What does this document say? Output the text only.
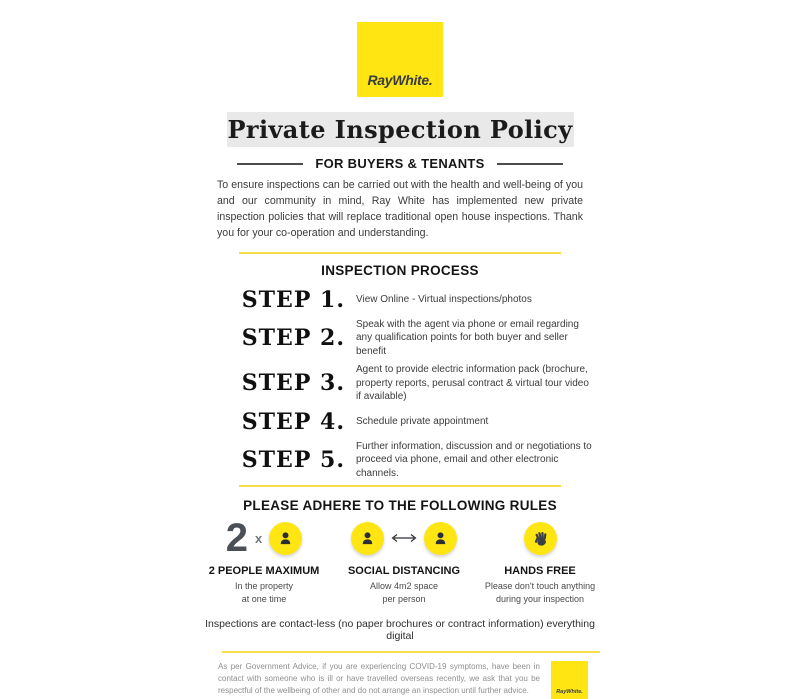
RayWhite.
Private Inspection Policy
FOR BUYERS & TENANTS

To ensure inspections can be carried out with the health and well-being of you and our community in mind, Ray White has implemented new private inspection policies that will replace traditional open house inspections. Thank you for your co-operation and understanding.

INSPECTION PROCESS
STEP 1. View Online - Virtual inspections/photos
STEP 2.
Speak with the agent via phone or email regarding any qualification points for both buyer and seller benefit
STEP 3.
Agent to provide electric information pack (brochure, property reports, perusal contract & virtual tour video if available)
STEP 4. Schedule private appointment
STEP 5.
Further information, discussion and or negotiations to proceed via phone, email and other electronic channels.
PLEASE ADHERE TO THE FOLLOWING RULES
2 x
2 PEOPLE MAXIMUM
In the property
at one time
SOCIAL DISTANCING
Allow 4m2 space
per person
HANDS FREE
Please don't touch anything
during your inspection
Inspections are contact-less (no paper brochures or contract information) everything digital

As per Government Advice, if you are experiencing COVID-19 symptoms, have been in contact with someone who is ill or have travelled overseas recently, we ask that you be respectful of the wellbeing of other and do not arrange an inspection until further advice.	RayWhite.
